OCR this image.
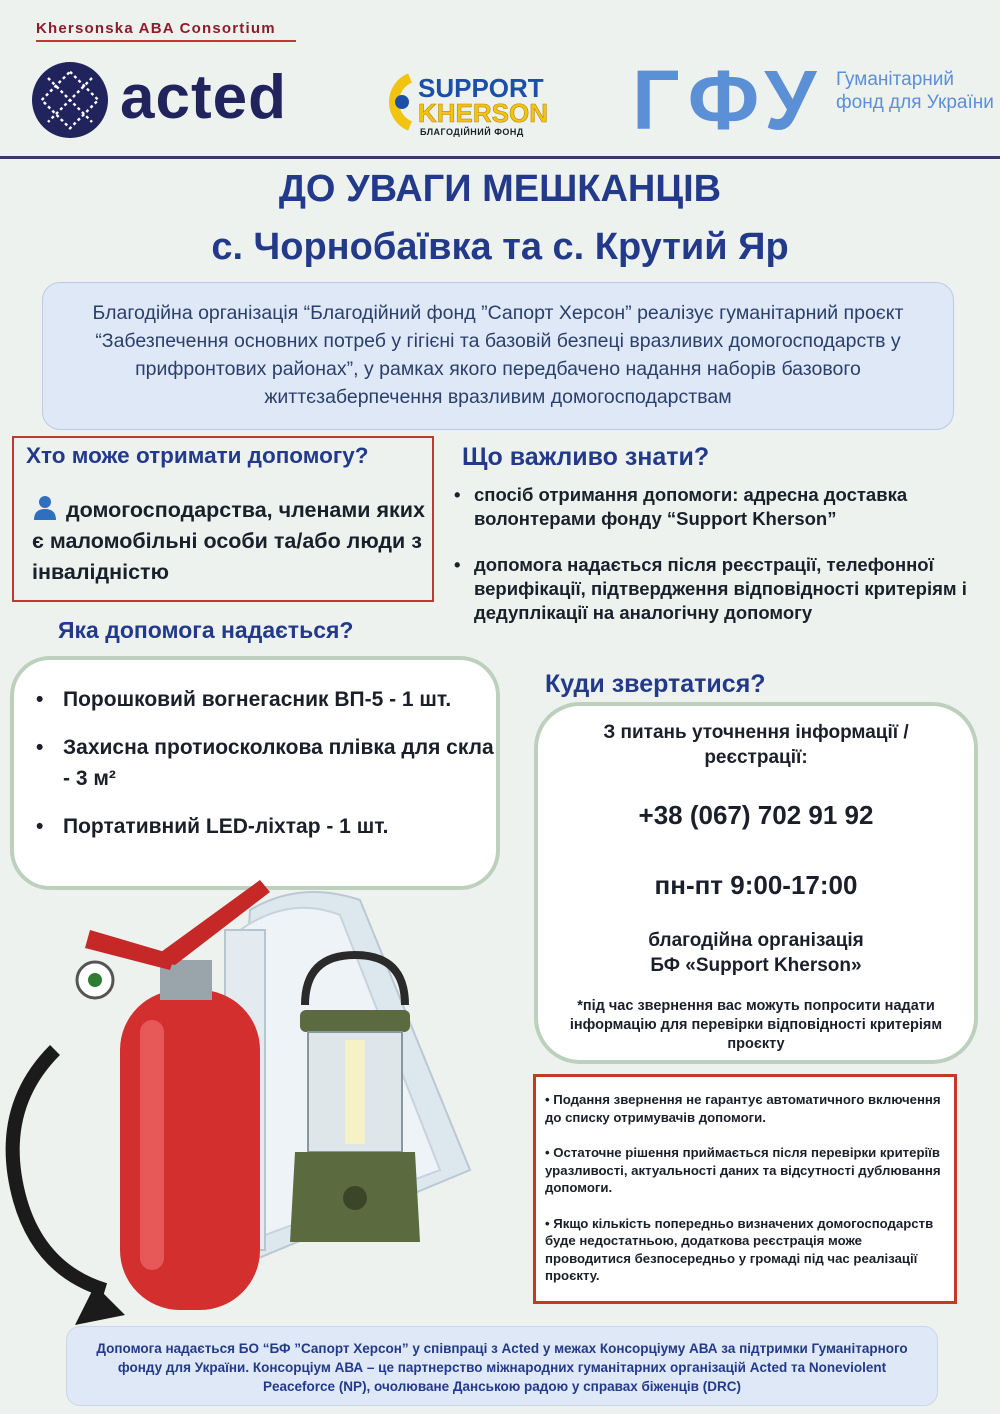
Khersonska ABA Consortium
acted	SUPPORT
KHERSON
БЛАГОДІЙНИЙ ФОНД ГФУ Гуманітарний фонд для України
ДО УВАГИ МЕШКАНЦІВ
с. Чорнобаївка та с. Крутий Яр
Благодійна організація “Благодійний фонд ”Сапорт Херсон” реалізує гуманітарний проєкт “Забезпечення основних потреб у гігієні та базовій безпеці вразливих домогосподарств у прифронтових районах”, у рамках якого передбачено надання наборів базового життєзаберпечення вразливим домогосподарствам
Хто може отримати допомогу?
домогосподарства, членами яких є маломобільні особи та/або люди з інвалідністю
Що важливо знати?
• спосіб отримання допомоги: адресна доставка волонтерами фонду “Support Kherson”
• допомога надається після реєстрації, телефонної верифікації, підтвердження відповідності критеріям і дедуплікації на аналогічну допомогу
Яка допомога надається?
• Порошковий вогнегасник ВП-5 - 1 шт.
• Захисна протиосколкова плівка для скла - 3 м²
• Портативний LED-ліхтар - 1 шт.
Куди звертатися?
З питань уточнення інформації / реєстрації:
+38 (067) 702 91 92
пн-пт 9:00-17:00
благодійна організація
БФ «Support Kherson»
*під час звернення вас можуть попросити надати інформацію для перевірки відповідності критеріям проєкту
• Подання звернення не гарантує автоматичного включення до списку отримувачів допомоги.
• Остаточне рішення приймається після перевірки критеріїв уразливості, актуальності даних та відсутності дублювання допомоги.
• Якщо кількість попередньо визначених домогосподарств буде недостатньою, додаткова реєстрація може проводитися безпосередньо у громаді під час реалізації проєкту.
Допомога надається БО “БФ ”Сапорт Херсон” у співпраці з Acted у межах Консорціуму АВА за підтримки Гуманітарного фонду для України. Консорціум АВА – це партнерство міжнародних гуманітарних організацій Acted та Noneviolent Peaceforce (NP), очолюване Данською радою у справах біженців (DRC)
